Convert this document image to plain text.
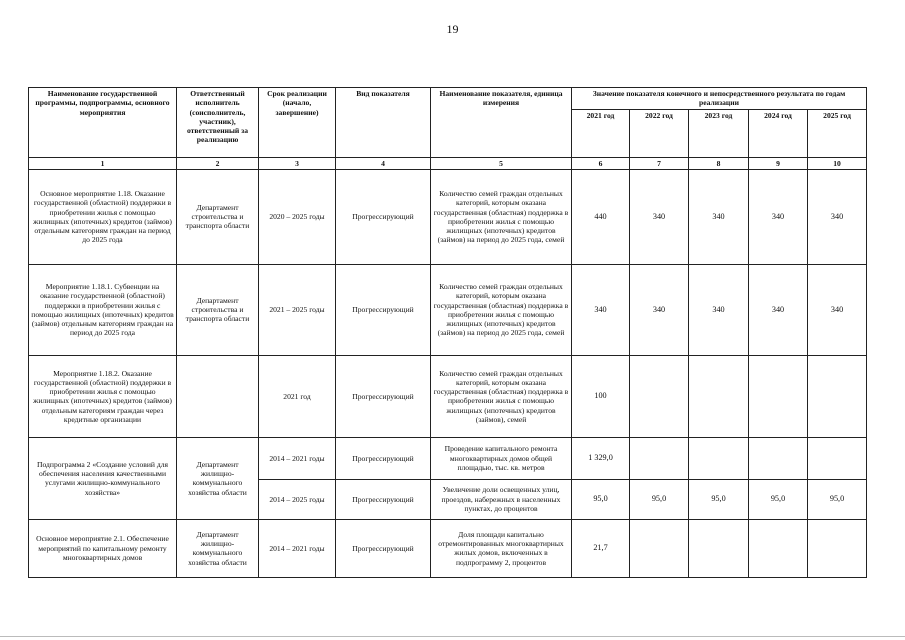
19
Наименование государственной программы, подпрограммы, основного мероприятия	Ответственный исполнитель (соисполнитель, участник), ответственный за реализацию	Срок реализации (начало, завершение)	Вид показателя	Наименование показателя, единица измерения	Значение показателя конечного и непосредственного результата по годам реализации				
					2021 год	2022 год	2023 год	2024 год	2025 год
1	2	3	4	5	6	7	8	9	10
Основное мероприятие 1.18. Оказание государственной (областной) поддержки в приобретении жилья с помощью жилищных (ипотечных) кредитов (займов) отдельным категориям граждан на период до 2025 года	Департамент строительства и транспорта области	2020 – 2025 годы	Прогрессирующий	Количество семей граждан отдельных категорий, которым оказана государственная (областная) поддержка в приобретении жилья с помощью жилищных (ипотечных) кредитов (займов) на период до 2025 года, семей	440	340	340	340	340
Мероприятие 1.18.1. Субвенции на оказание государственной (областной) поддержки в приобретении жилья с помощью жилищных (ипотечных) кредитов (займов) отдельным категориям граждан на период до 2025 года	Департамент строительства и транспорта области	2021 – 2025 годы	Прогрессирующий	Количество семей граждан отдельных категорий, которым оказана государственная (областная) поддержка в приобретении жилья с помощью жилищных (ипотечных) кредитов (займов) на период до 2025 года, семей	340	340	340	340	340
Мероприятие 1.18.2. Оказание государственной (областной) поддержки в приобретении жилья с помощью жилищных (ипотечных) кредитов (займов) отдельным категориям граждан через кредитные организации		2021 год	Прогрессирующий	Количество семей граждан отдельных категорий, которым оказана государственная (областная) поддержка в приобретении жилья с помощью жилищных (ипотечных) кредитов (займов), семей	100				
Подпрограмма 2 «Создание условий для обеспечения населения качественными услугами жилищно-коммунального хозяйства»	Департамент жилищно-коммунального хозяйства области	2014 – 2021 годы	Прогрессирующий	Проведение капитального ремонта многоквартирных домов общей площадью, тыс. кв. метров	1 329,0				
		2014 – 2025 годы	Прогрессирующий	Увеличение доли освещенных улиц, проездов, набережных в населенных пунктах, до процентов	95,0	95,0	95,0	95,0	95,0
Основное мероприятие 2.1. Обеспечение мероприятий по капитальному ремонту многоквартирных домов	Департамент жилищно-коммунального хозяйства области	2014 – 2021 годы	Прогрессирующий	Доля площади капитально отремонтированных многоквартирных жилых домов, включенных в подпрограмму 2, процентов	21,7				
